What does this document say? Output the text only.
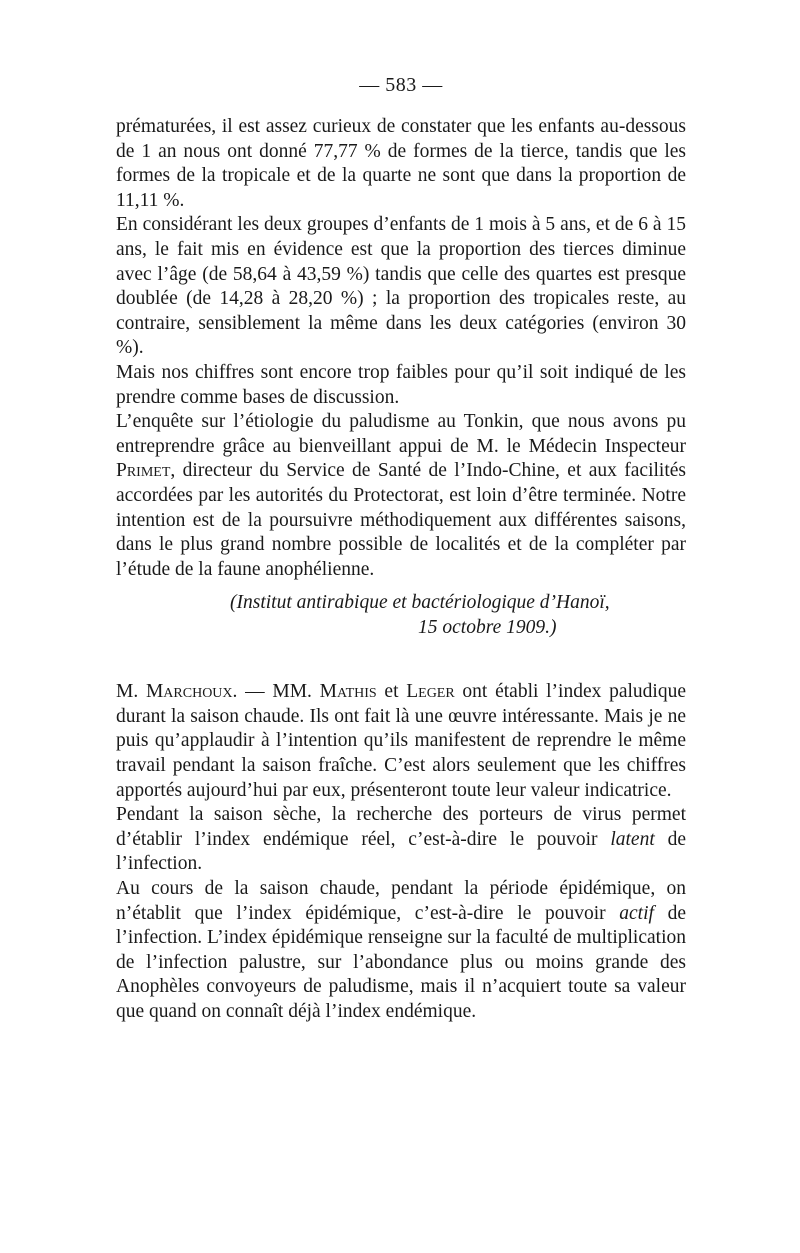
— 583 —

prématurées, il est assez curieux de constater que les enfants au-dessous de 1 an nous ont donné 77,77 % de formes de la tierce, tandis que les formes de la tropicale et de la quarte ne sont que dans la proportion de 11,11 %.

En considérant les deux groupes d’enfants de 1 mois à 5 ans, et de 6 à 15 ans, le fait mis en évidence est que la proportion des tierces diminue avec l’âge (de 58,64 à 43,59 %) tandis que celle des quartes est presque doublée (de 14,28 à 28,20 %) ; la proportion des tropicales reste, au contraire, sensiblement la même dans les deux catégories (environ 30 %).

Mais nos chiffres sont encore trop faibles pour qu’il soit indiqué de les prendre comme bases de discussion.

L’enquête sur l’étiologie du paludisme au Tonkin, que nous avons pu entreprendre grâce au bienveillant appui de M. le Médecin Inspecteur Primet, directeur du Service de Santé de l’Indo-Chine, et aux facilités accordées par les autorités du Protectorat, est loin d’être terminée. Notre intention est de la poursuivre méthodiquement aux différentes saisons, dans le plus grand nombre possible de localités et de la compléter par l’étude de la faune anophélienne.

(Institut antirabique et bactériologique d’Hanoï,
15 octobre 1909.)

M. Marchoux. — MM. Mathis et Leger ont établi l’index paludique durant la saison chaude. Ils ont fait là une œuvre intéressante. Mais je ne puis qu’applaudir à l’intention qu’ils manifestent de reprendre le même travail pendant la saison fraîche. C’est alors seulement que les chiffres apportés aujourd’hui par eux, présenteront toute leur valeur indicatrice.

Pendant la saison sèche, la recherche des porteurs de virus permet d’établir l’index endémique réel, c’est-à-dire le pouvoir latent de l’infection.

Au cours de la saison chaude, pendant la période épidémique, on n’établit que l’index épidémique, c’est-à-dire le pouvoir actif de l’infection. L’index épidémique renseigne sur la faculté de multiplication de l’infection palustre, sur l’abondance plus ou moins grande des Anophèles convoyeurs de paludisme, mais il n’acquiert toute sa valeur que quand on connaît déjà l’index endémique.
